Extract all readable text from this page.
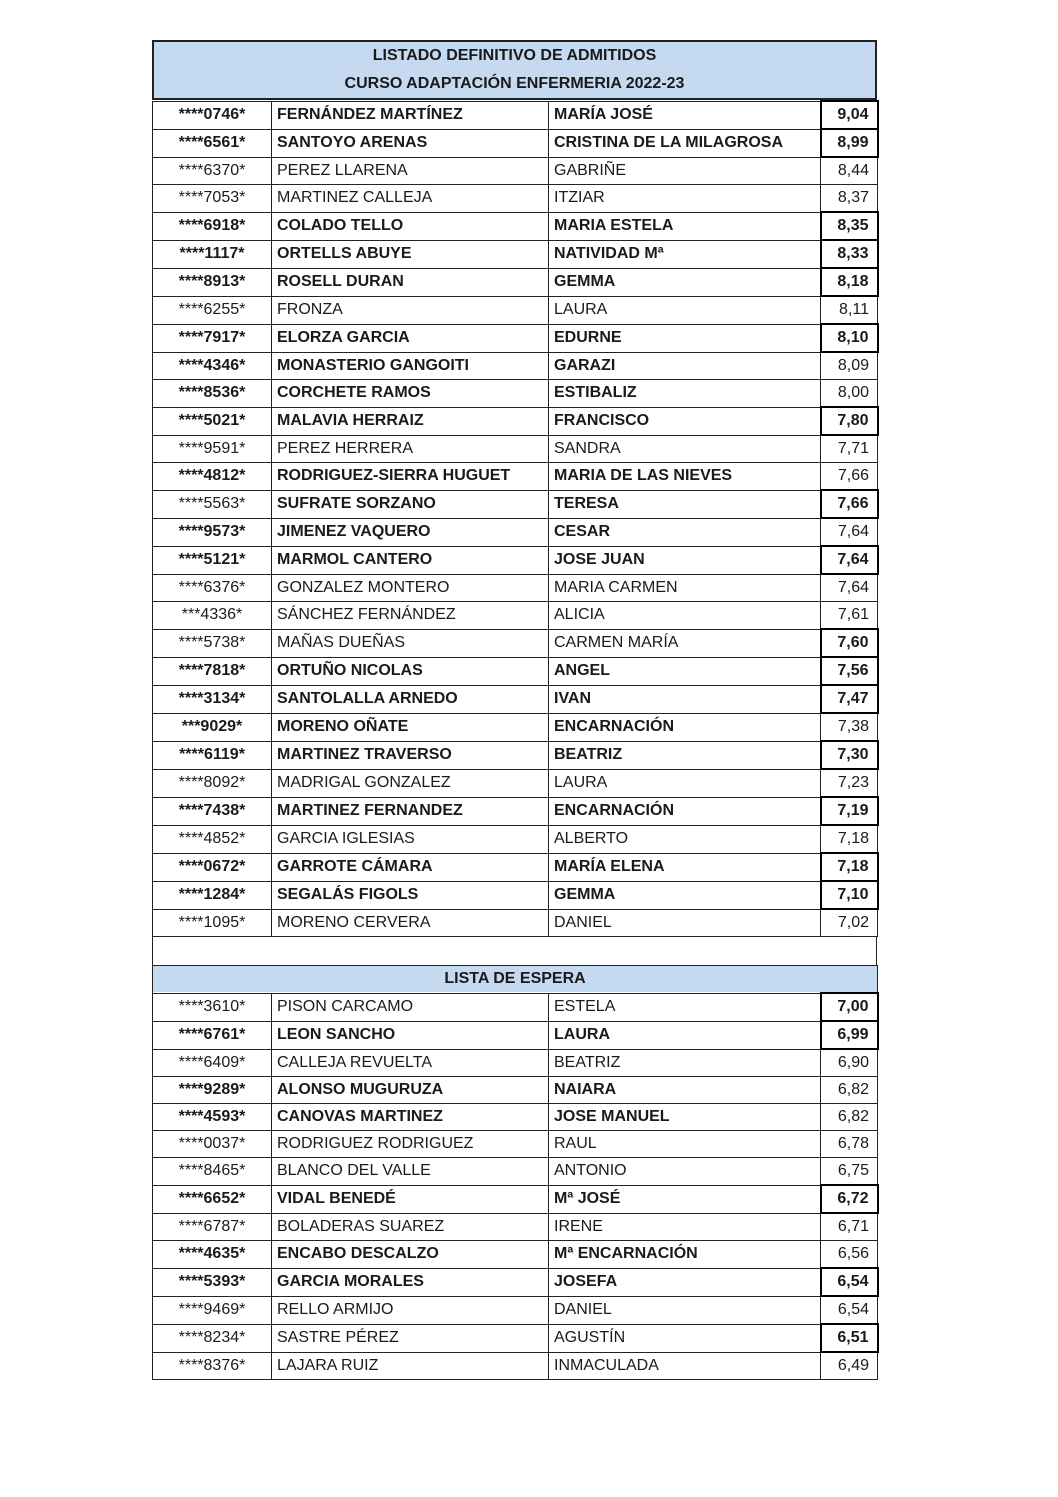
LISTADO DEFINITIVO DE ADMITIDOS
CURSO ADAPTACIÓN ENFERMERIA 2022-23
****0746*	FERNÁNDEZ MARTÍNEZ	MARÍA JOSÉ	9,04
****6561*	SANTOYO ARENAS	CRISTINA DE LA MILAGROSA	8,99
****6370*	PEREZ LLARENA	GABRIÑE	8,44
****7053*	MARTINEZ CALLEJA	ITZIAR	8,37
****6918*	COLADO TELLO	MARIA ESTELA	8,35
****1117*	ORTELLS ABUYE	NATIVIDAD Mª	8,33
****8913*	ROSELL DURAN	GEMMA	8,18
****6255*	FRONZA	LAURA	8,11
****7917*	ELORZA GARCIA	EDURNE	8,10
****4346*	MONASTERIO GANGOITI	GARAZI	8,09
****8536*	CORCHETE RAMOS	ESTIBALIZ	8,00
****5021*	MALAVIA HERRAIZ	FRANCISCO	7,80
****9591*	PEREZ HERRERA	SANDRA	7,71
****4812*	RODRIGUEZ-SIERRA HUGUET	MARIA DE LAS NIEVES	7,66
****5563*	SUFRATE SORZANO	TERESA	7,66
****9573*	JIMENEZ VAQUERO	CESAR	7,64
****5121*	MARMOL CANTERO	JOSE JUAN	7,64
****6376*	GONZALEZ MONTERO	MARIA CARMEN	7,64
***4336*	SÁNCHEZ FERNÁNDEZ	ALICIA	7,61
****5738*	MAÑAS DUEÑAS	CARMEN MARÍA	7,60
****7818*	ORTUÑO NICOLAS	ANGEL	7,56
****3134*	SANTOLALLA ARNEDO	IVAN	7,47
***9029*	MORENO OÑATE	ENCARNACIÓN	7,38
****6119*	MARTINEZ TRAVERSO	BEATRIZ	7,30
****8092*	MADRIGAL GONZALEZ	LAURA	7,23
****7438*	MARTINEZ FERNANDEZ	ENCARNACIÓN	7,19
****4852*	GARCIA IGLESIAS	ALBERTO	7,18
****0672*	GARROTE CÁMARA	MARÍA ELENA	7,18
****1284*	SEGALÁS FIGOLS	GEMMA	7,10
****1095*	MORENO CERVERA	DANIEL	7,02
LISTA DE ESPERA			
****3610*	PISON CARCAMO	ESTELA	7,00
****6761*	LEON SANCHO	LAURA	6,99
****6409*	CALLEJA REVUELTA	BEATRIZ	6,90
****9289*	ALONSO MUGURUZA	NAIARA	6,82
****4593*	CANOVAS MARTINEZ	JOSE MANUEL	6,82
****0037*	RODRIGUEZ RODRIGUEZ	RAUL	6,78
****8465*	BLANCO DEL VALLE	ANTONIO	6,75
****6652*	VIDAL BENEDÉ	Mª JOSÉ	6,72
****6787*	BOLADERAS SUAREZ	IRENE	6,71
****4635*	ENCABO DESCALZO	Mª ENCARNACIÓN	6,56
****5393*	GARCIA MORALES	JOSEFA	6,54
****9469*	RELLO ARMIJO	DANIEL	6,54
****8234*	SASTRE PÉREZ	AGUSTÍN	6,51
****8376*	LAJARA RUIZ	INMACULADA	6,49
